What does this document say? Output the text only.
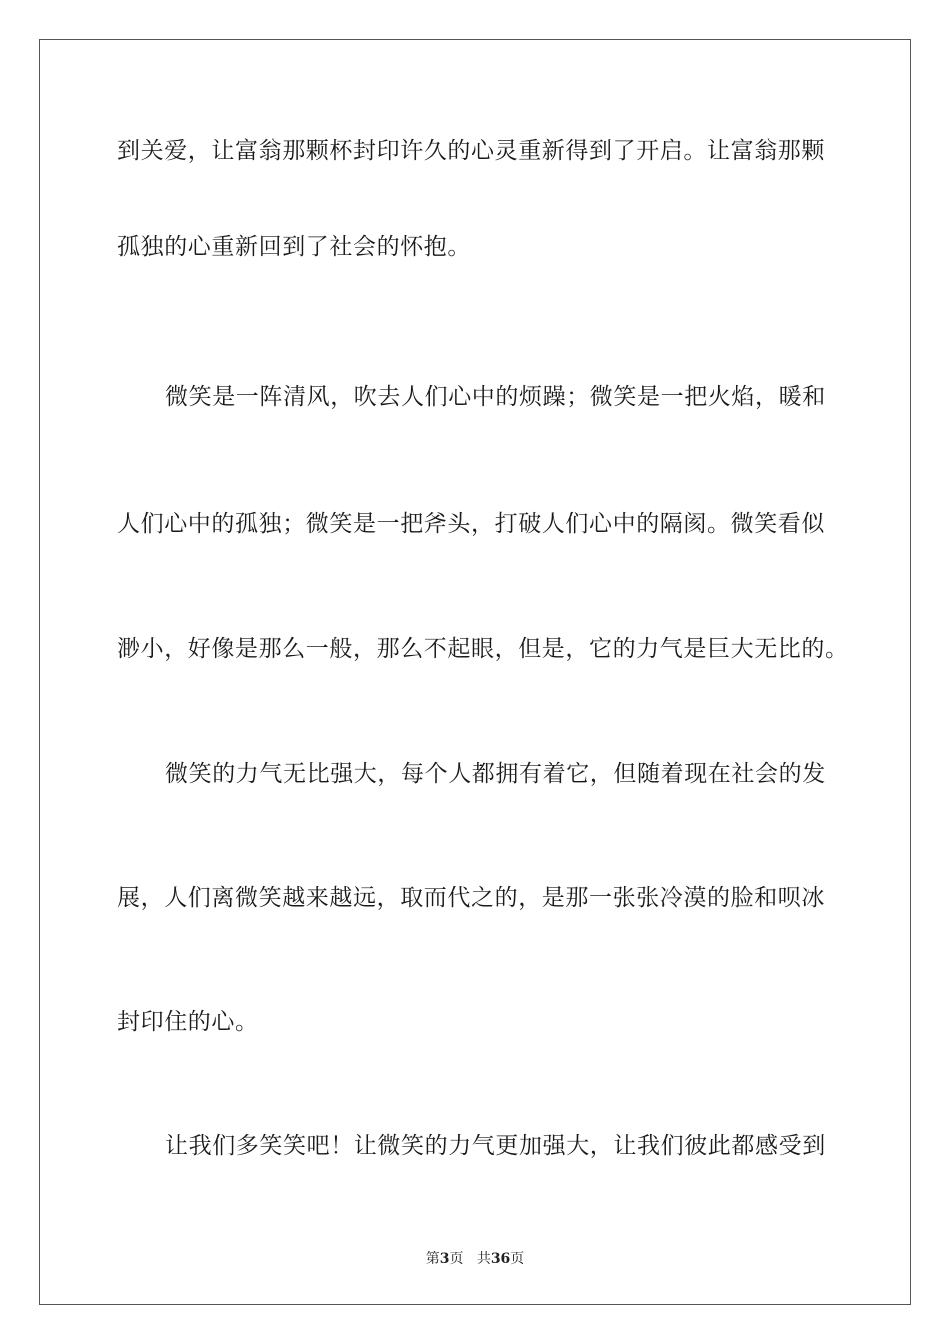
到关爱，让富翁那颗杯封印许久的心灵重新得到了开启。让富翁那颗

孤独的心重新回到了社会的怀抱。

微笑是一阵清风，吹去人们心中的烦躁；微笑是一把火焰，暖和

人们心中的孤独；微笑是一把斧头，打破人们心中的隔阂。微笑看似

渺小，好像是那么一般，那么不起眼，但是，它的力气是巨大无比的。

微笑的力气无比强大，每个人都拥有着它，但随着现在社会的发

展，人们离微笑越来越远，取而代之的，是那一张张冷漠的脸和呗冰

封印住的心。

让我们多笑笑吧！让微笑的力气更加强大，让我们彼此都感受到

第3页 共36页
